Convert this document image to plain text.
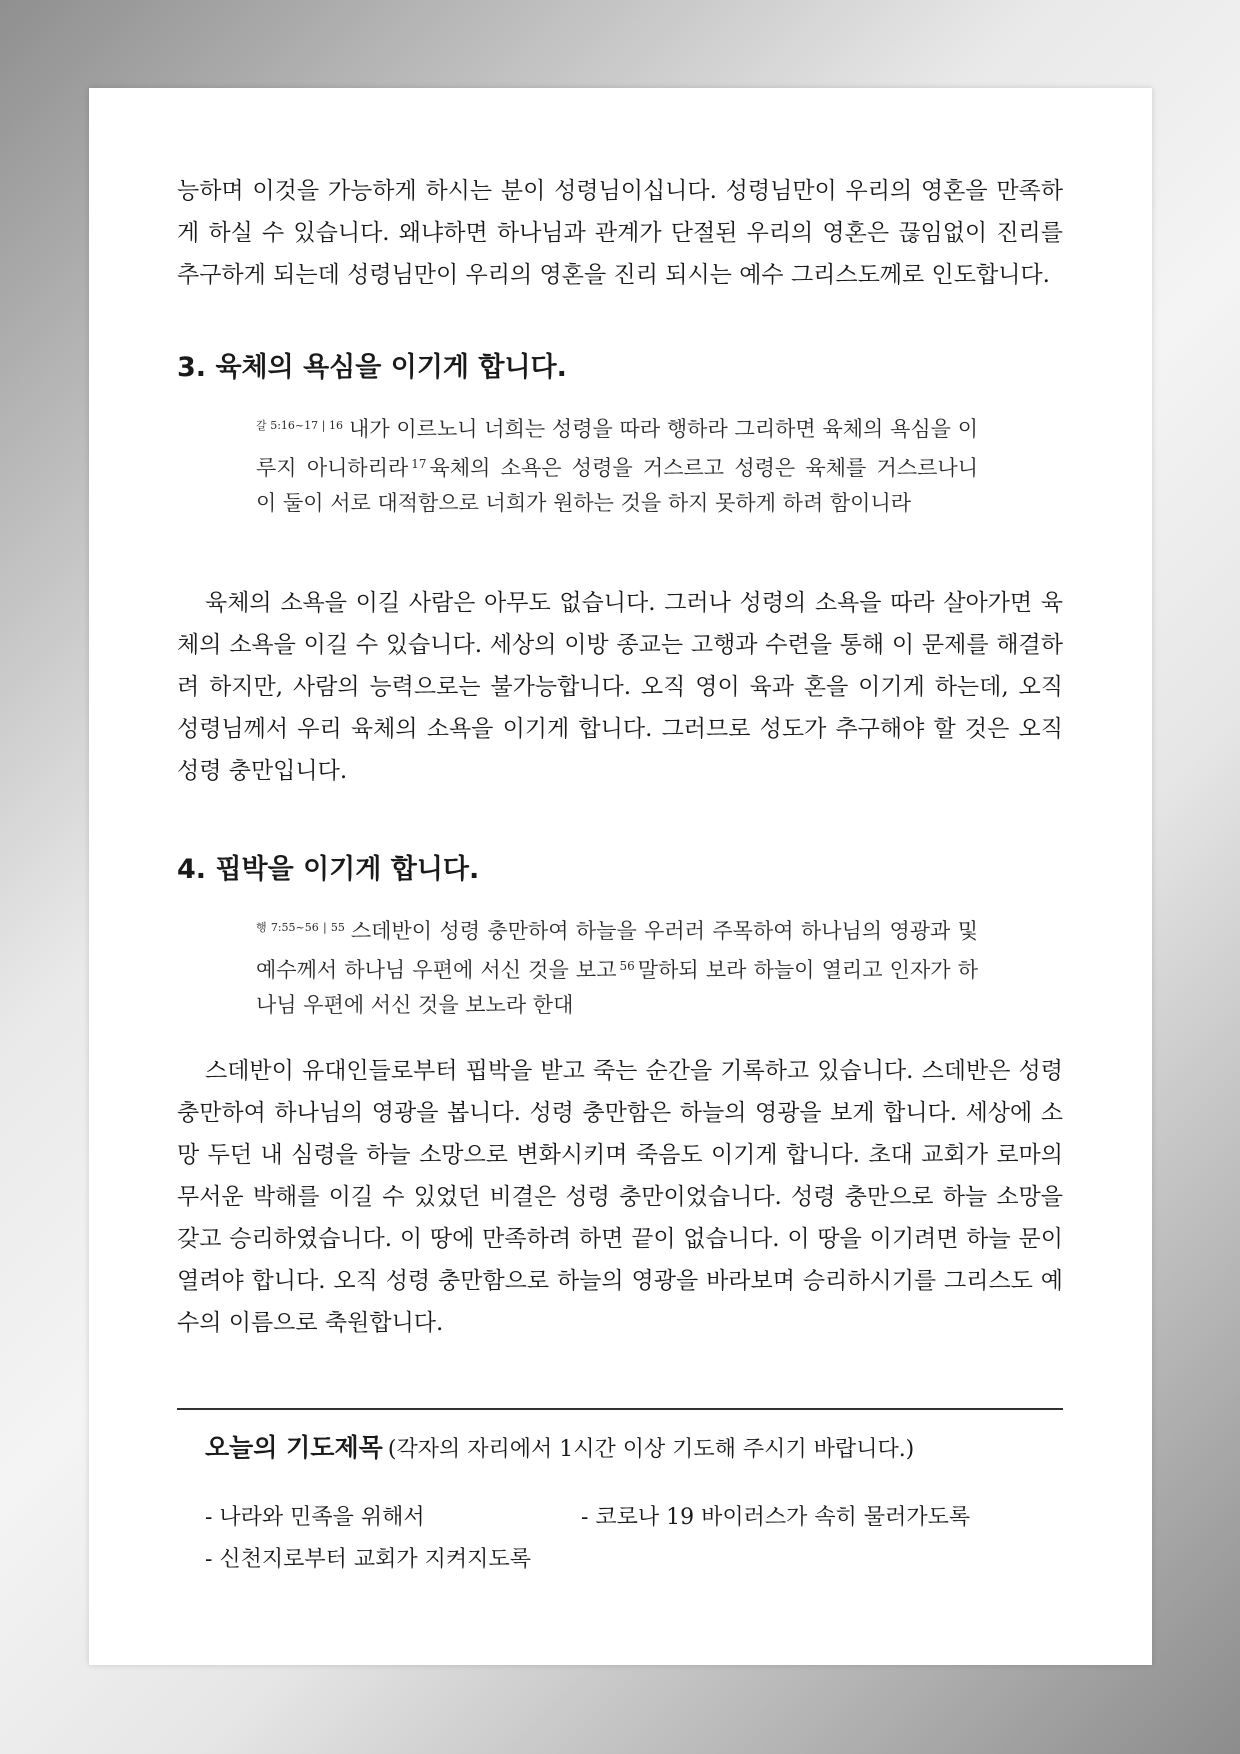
능하며 이것을 가능하게 하시는 분이 성령님이십니다. 성령님만이 우리의 영혼을 만족하게 하실 수 있습니다. 왜냐하면 하나님과 관계가 단절된 우리의 영혼은 끊임없이 진리를 추구하게 되는데 성령님만이 우리의 영혼을 진리 되시는 예수 그리스도께로 인도합니다.

3. 육체의 욕심을 이기게 합니다.

$^{갈 5:16\sim 17 | 16}$ 내가 이르노니 너희는 성령을 따라 행하라 그리하면 육체의 욕심을 이루지 아니하리라 $^{17}$ 육체의 소욕은 성령을 거스르고 성령은 육체를 거스르나니 이 둘이 서로 대적함으로 너희가 원하는 것을 하지 못하게 하려 함이니라

육체의 소욕을 이길 사람은 아무도 없습니다. 그러나 성령의 소욕을 따라 살아가면 육체의 소욕을 이길 수 있습니다. 세상의 이방 종교는 고행과 수련을 통해 이 문제를 해결하려 하지만, 사람의 능력으로는 불가능합니다. 오직 영이 육과 혼을 이기게 하는데, 오직 성령님께서 우리 육체의 소욕을 이기게 합니다. 그러므로 성도가 추구해야 할 것은 오직 성령 충만입니다.

4. 핍박을 이기게 합니다.

$^{행 7:55\sim 56 | 55}$ 스데반이 성령 충만하여 하늘을 우러러 주목하여 하나님의 영광과 및 예수께서 하나님 우편에 서신 것을 보고 $^{56}$ 말하되 보라 하늘이 열리고 인자가 하나님 우편에 서신 것을 보노라 한대

스데반이 유대인들로부터 핍박을 받고 죽는 순간을 기록하고 있습니다. 스데반은 성령 충만하여 하나님의 영광을 봅니다. 성령 충만함은 하늘의 영광을 보게 합니다. 세상에 소망 두던 내 심령을 하늘 소망으로 변화시키며 죽음도 이기게 합니다. 초대 교회가 로마의 무서운 박해를 이길 수 있었던 비결은 성령 충만이었습니다. 성령 충만으로 하늘 소망을 갖고 승리하였습니다. 이 땅에 만족하려 하면 끝이 없습니다. 이 땅을 이기려면 하늘 문이 열려야 합니다. 오직 성령 충만함으로 하늘의 영광을 바라보며 승리하시기를 그리스도 예수의 이름으로 축원합니다.

오늘의 기도제목 (각자의 자리에서 1시간 이상 기도해 주시기 바랍니다.)

- 나라와 민족을 위해서	- 코로나 19 바이러스가 속히 물러가도록

- 신천지로부터 교회가 지켜지도록
